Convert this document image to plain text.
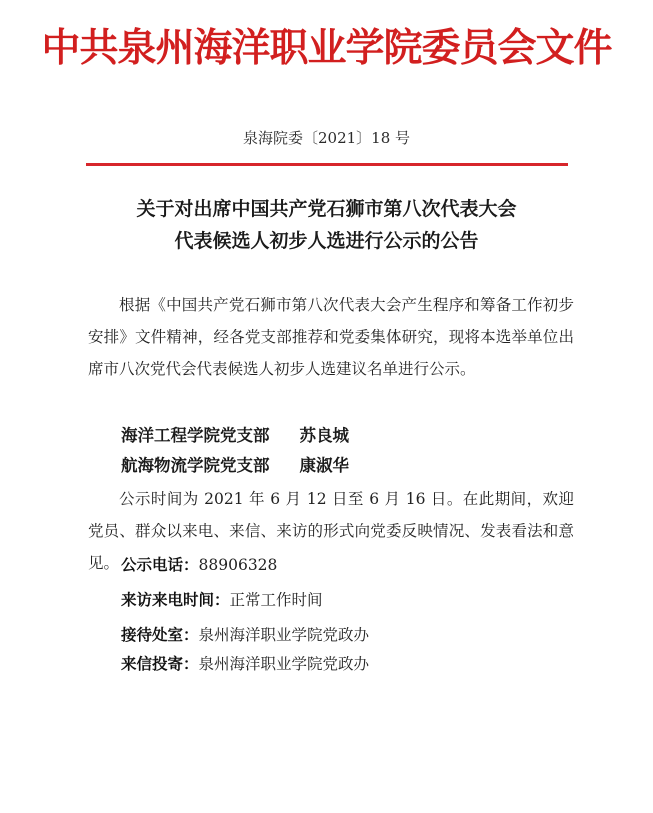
中共泉州海洋职业学院委员会文件
泉海院委〔2021〕18 号
关于对出席中国共产党石狮市第八次代表大会
代表候选人初步人选进行公示的公告
根据《中国共产党石狮市第八次代表大会产生程序和筹备工作初步安排》文件精神，经各党支部推荐和党委集体研究，现将本选举单位出席市八次党代会代表候选人初步人选建议名单进行公示。
海洋工程学院党支部 苏良城
航海物流学院党支部 康淑华
公示时间为 2021 年 6 月 12 日至 6 月 16 日。在此期间，欢迎党员、群众以来电、来信、来访的形式向党委反映情况、发表看法和意见。 公示电话：88906328
来访来电时间：正常工作时间
接待处室：泉州海洋职业学院党政办
来信投寄：泉州海洋职业学院党政办
